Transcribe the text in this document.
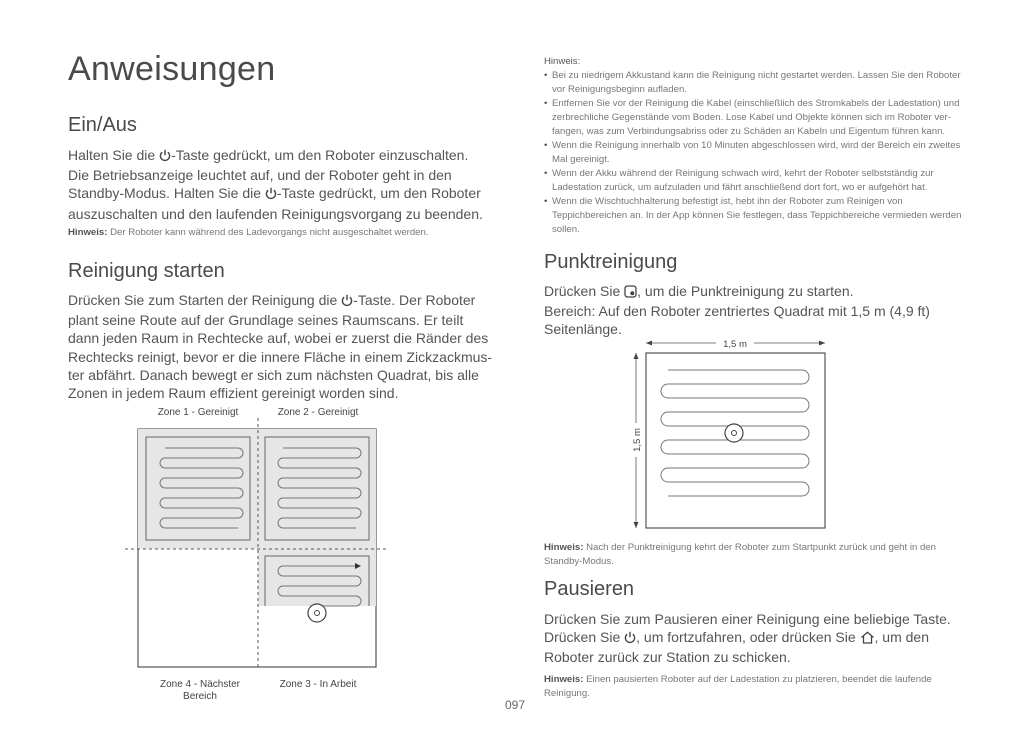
Anweisungen
Ein/Aus

Halten Sie die -Taste gedrückt, um den Roboter einzuschalten. Die Betriebsanzeige leuchtet auf, und der Roboter geht in den Standby-Modus. Halten Sie die -Taste gedrückt, um den Roboter auszuschalten und den laufenden Reinigungsvorgang zu beenden.

Hinweis: Der Roboter kann während des Ladevorgangs nicht ausgeschaltet werden.

Reinigung starten

Drücken Sie zum Starten der Reinigung die -Taste. Der Roboter plant seine Route auf der Grundlage seines Raumscans. Er teilt dann jeden Raum in Rechtecke auf, wobei er zuerst die Ränder des Rechtecks reinigt, bevor er die innere Fläche in einem Zickzackmus-ter abfährt. Danach bewegt er sich zum nächsten Quadrat, bis alle Zonen in jedem Raum effizient gereinigt worden sind.

Zone 1 - Gereinigt	Zone 2 - Gereinigt
Zone 4 - Nächster
Bereich
Zone 3 - In Arbeit

Hinweis:

• Bei zu niedrigem Akkustand kann die Reinigung nicht gestartet werden. Lassen Sie den Roboter vor Reinigungsbeginn aufladen.
• Entfernen Sie vor der Reinigung die Kabel (einschließlich des Stromkabels der Ladestation) und zerbrechliche Gegenstände vom Boden. Lose Kabel und Objekte können sich im Roboter ver-fangen, was zum Verbindungsabriss oder zu Schäden an Kabeln und Eigentum führen kann.
• Wenn die Reinigung innerhalb von 10 Minuten abgeschlossen wird, wird der Bereich ein zweites Mal gereinigt.
• Wenn der Akku während der Reinigung schwach wird, kehrt der Roboter selbstständig zur Ladestation zurück, um aufzuladen und fährt anschließend dort fort, wo er aufgehört hat.
• Wenn die Wischtuchhalterung befestigt ist, hebt ihn der Roboter zum Reinigen von Teppichbereichen an. In der App können Sie festlegen, dass Teppichbereiche vermieden werden sollen.
Punktreinigung

Drücken Sie , um die Punktreinigung zu starten.
Bereich: Auf den Roboter zentriertes Quadrat mit 1,5 m (4,9 ft) Seitenlänge.

1,5 m
1,5 m

Hinweis: Nach der Punktreinigung kehrt der Roboter zum Startpunkt zurück und geht in den Standby-Modus.

Pausieren

Drücken Sie zum Pausieren einer Reinigung eine beliebige Taste.
Drücken Sie , um fortzufahren, oder drücken Sie , um den Roboter zurück zur Station zu schicken.

Hinweis: Einen pausierten Roboter auf der Ladestation zu platzieren, beendet die laufende Reinigung.

097
